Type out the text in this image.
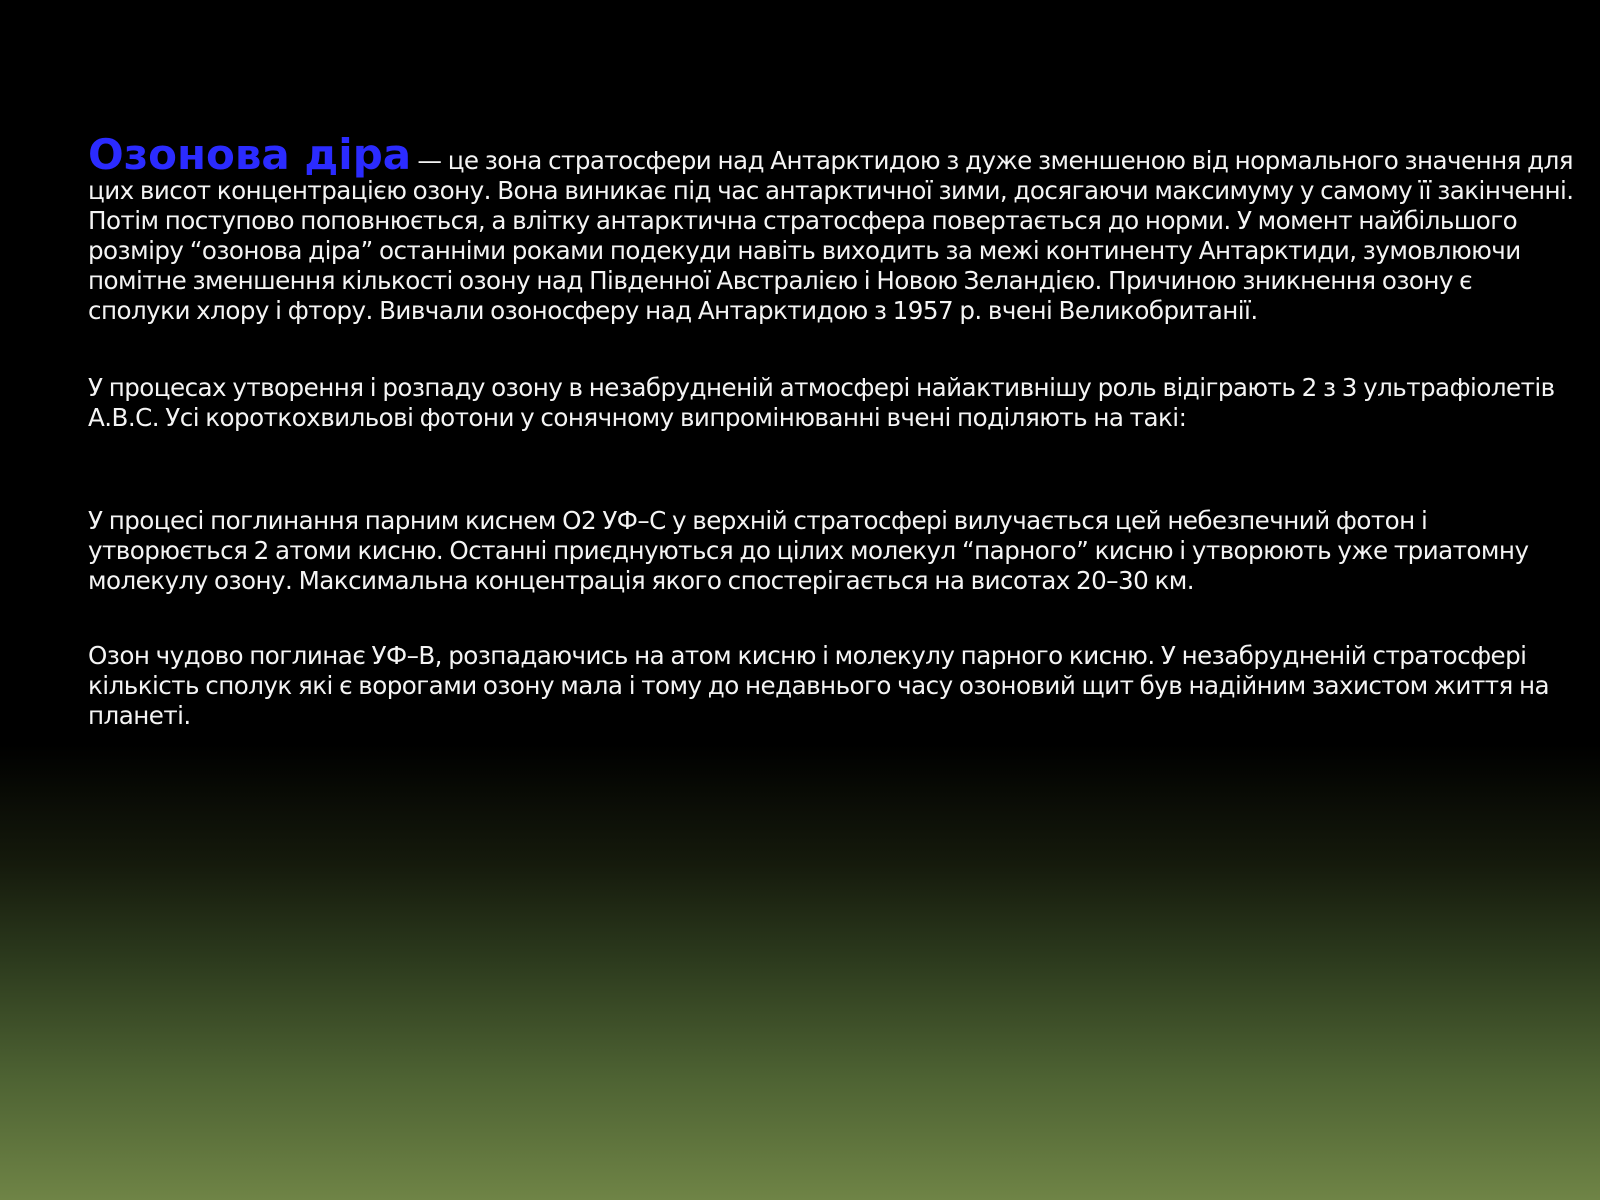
Озонова діра — це зона стратосфери над Антарктидою з дуже зменшеною від нормального значення для цих висот концентрацією озону. Вона виникає під час антарктичної зими, досягаючи максимуму у самому її закінченні. Потім поступово поповнюється, а влітку антарктична стратосфера повертається до норми. У момент найбільшого розміру “озонова діра” останніми роками подекуди навіть виходить за межі континенту Антарктиди, зумовлюючи помітне зменшення кількості озону над Південної Австралією і Новою Зеландією. Причиною зникнення озону є сполуки хлору і фтору. Вивчали озоносферу над Антарктидою з 1957 р. вчені Великобританії.

У процесах утворення і розпаду озону в незабрудненій атмосфері найактивнішу роль відіграють 2 з 3 ультрафіолетів А.В.С. Усі короткохвильові фотони у сонячному випромінюванні вчені поділяють на такі:

У процесі поглинання парним киснем О2 УФ–С у верхній стратосфері вилучається цей небезпечний фотон і утворюється 2 атоми кисню. Останні приєднуються до цілих молекул “парного” кисню і утворюють уже триатомну молекулу озону. Максимальна концентрація якого спостерігається на висотах 20–30 км.

Озон чудово поглинає УФ–В, розпадаючись на атом кисню і молекулу парного кисню. У незабрудненій стратосфері кількість сполук які є ворогами озону мала і тому до недавнього часу озоновий щит був надійним захистом життя на планеті.
